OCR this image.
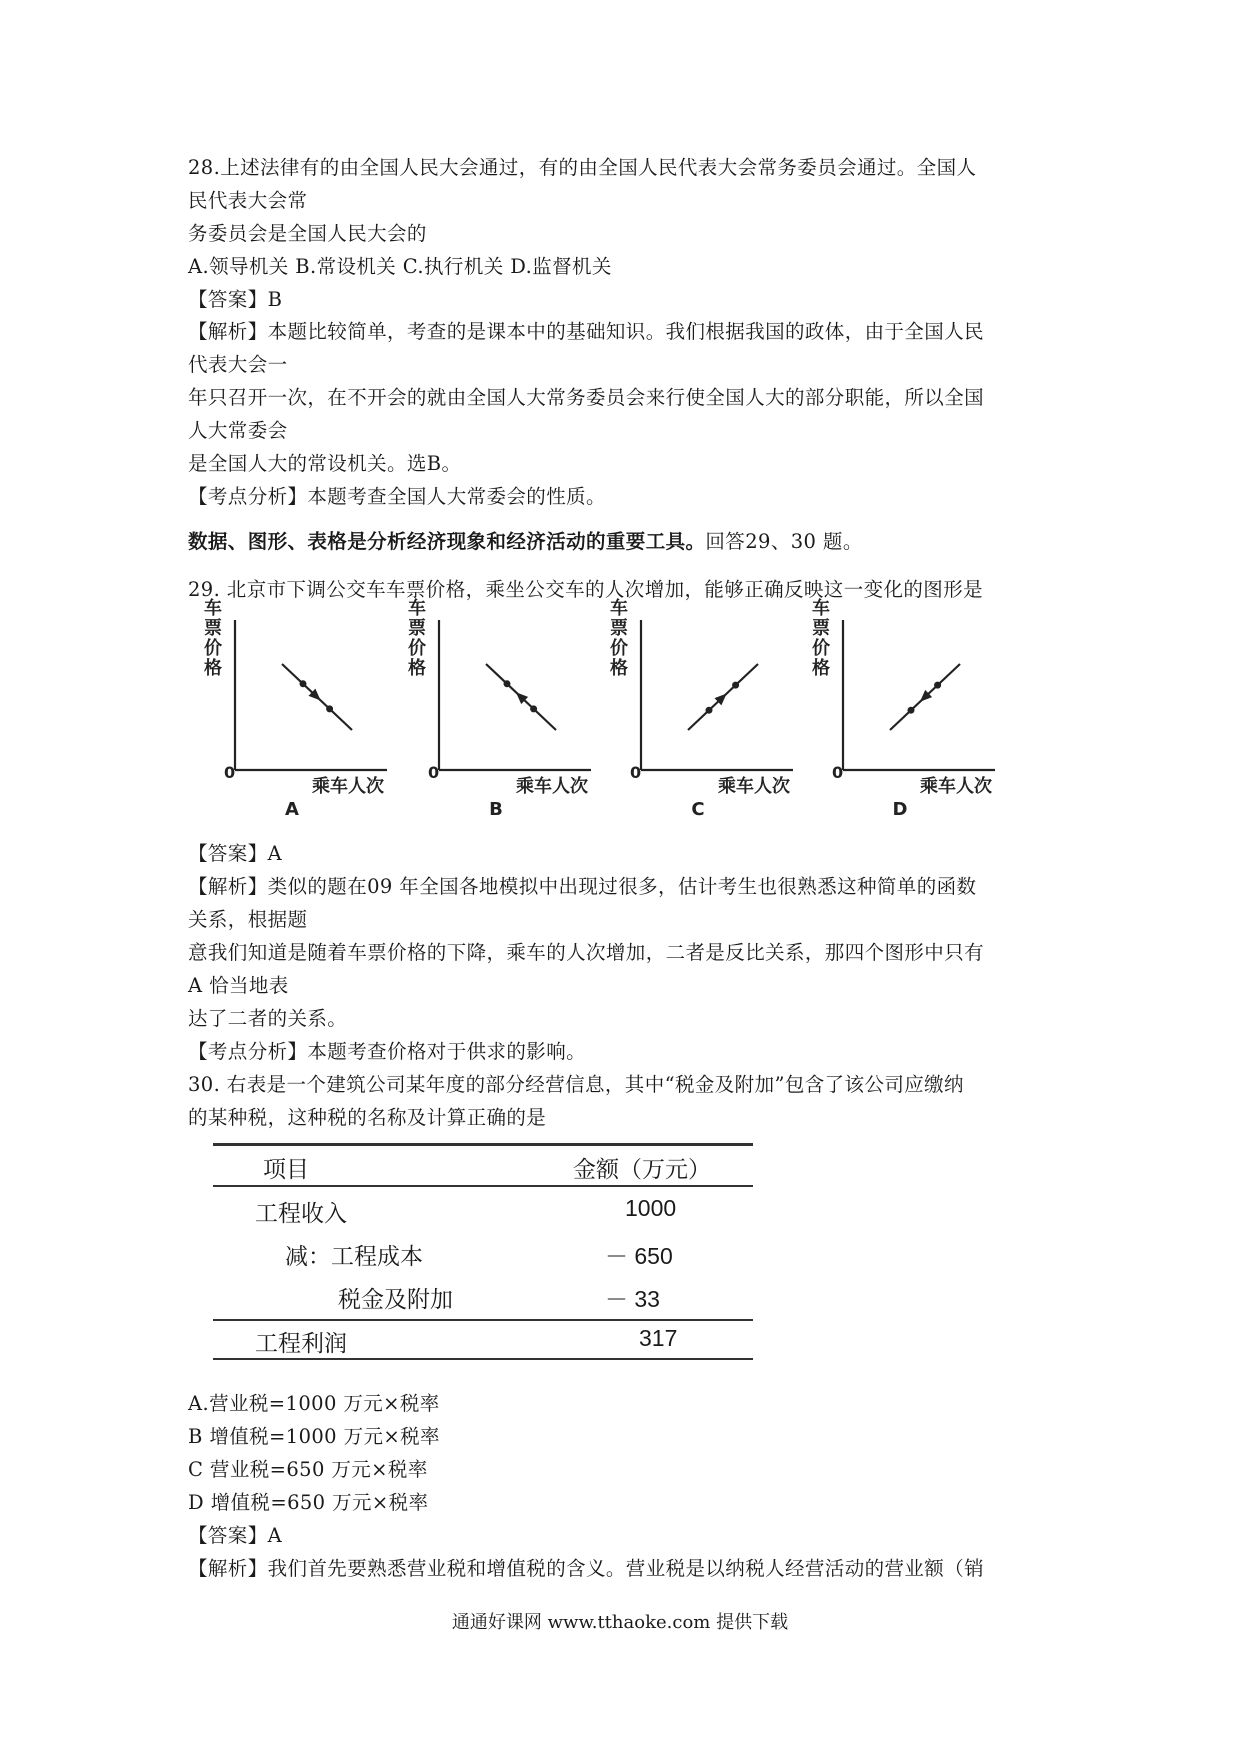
28.上述法律有的由全国人民大会通过，有的由全国人民代表大会常务委员会通过。全国人
民代表大会常
务委员会是全国人民大会的
A.领导机关 B.常设机关 C.执行机关 D.监督机关
【答案】B
【解析】本题比较简单，考查的是课本中的基础知识。我们根据我国的政体，由于全国人民
代表大会一
年只召开一次，在不开会的就由全国人大常务委员会来行使全国人大的部分职能，所以全国
人大常委会
是全国人大的常设机关。选B。
【考点分析】本题考查全国人大常委会的性质。
数据、图形、表格是分析经济现象和经济活动的重要工具。回答29、30 题。
29. 北京市下调公交车车票价格，乘坐公交车的人次增加，能够正确反映这一变化的图形是
车
票
价
格
0
乘车人次
A
车
票
价
格
0
乘车人次
B
车
票
价
格
0
乘车人次
C
车
票
价
格
0
乘车人次
D
【答案】A
【解析】类似的题在09 年全国各地模拟中出现过很多，估计考生也很熟悉这种简单的函数
关系，根据题
意我们知道是随着车票价格的下降，乘车的人次增加，二者是反比关系，那四个图形中只有
A 恰当地表
达了二者的关系。
【考点分析】本题考查价格对于供求的影响。
30. 右表是一个建筑公司某年度的部分经营信息，其中“税金及附加”包含了该公司应缴纳
的某种税，这种税的名称及计算正确的是
项目	金额（万元）
工程收入	1000
减：工程成本	－ 650
税金及附加	－ 33
工程利润	317
A.营业税=1000 万元×税率
B 增值税=1000 万元×税率
C 营业税=650 万元×税率
D 增值税=650 万元×税率
【答案】A
【解析】我们首先要熟悉营业税和增值税的含义。营业税是以纳税人经营活动的营业额（销
通通好课网 www.tthaoke.com 提供下载
